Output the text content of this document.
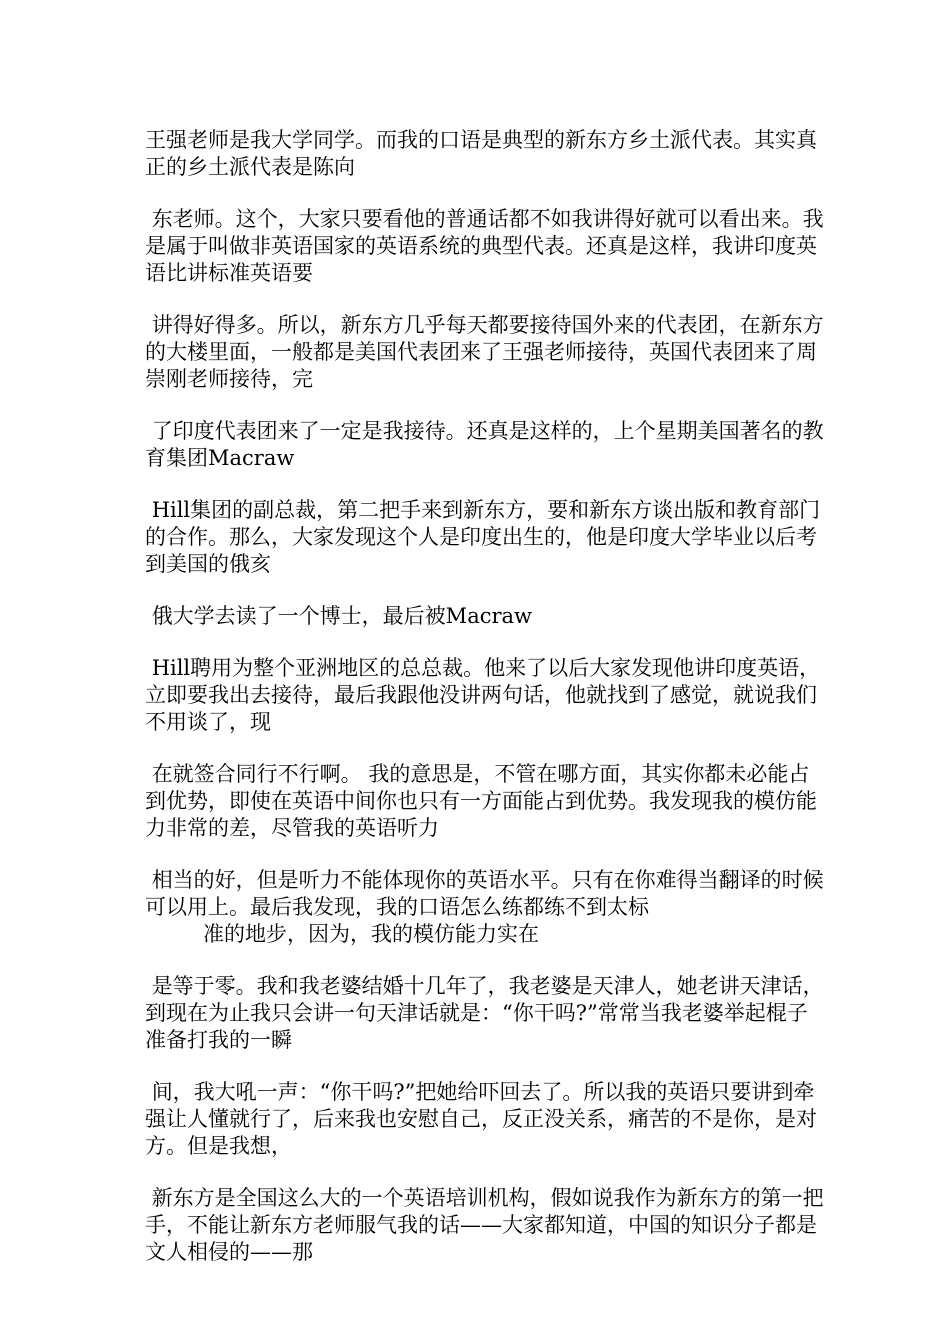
王强老师是我大学同学。而我的口语是典型的新东方乡土派代表。其实真正的乡土派代表是陈向

东老师。这个，大家只要看他的普通话都不如我讲得好就可以看出来。我是属于叫做非英语国家的英语系统的典型代表。还真是这样，我讲印度英语比讲标准英语要

讲得好得多。所以，新东方几乎每天都要接待国外来的代表团，在新东方的大楼里面，一般都是美国代表团来了王强老师接待，英国代表团来了周崇刚老师接待，完

了印度代表团来了一定是我接待。还真是这样的，上个星期美国著名的教育集团Macraw

Hill集团的副总裁，第二把手来到新东方，要和新东方谈出版和教育部门的合作。那么，大家发现这个人是印度出生的，他是印度大学毕业以后考到美国的俄亥

俄大学去读了一个博士，最后被Macraw

Hill聘用为整个亚洲地区的总总裁。他来了以后大家发现他讲印度英语，立即要我出去接待，最后我跟他没讲两句话，他就找到了感觉，就说我们不用谈了，现

在就签合同行不行啊。 我的意思是，不管在哪方面，其实你都未必能占到优势，即使在英语中间你也只有一方面能占到优势。我发现我的模仿能力非常的差，尽管我的英语听力

相当的好，但是听力不能体现你的英语水平。只有在你难得当翻译的时候可以用上。最后我发现，我的口语怎么练都练不到太标

准的地步，因为，我的模仿能力实在

是等于零。我和我老婆结婚十几年了，我老婆是天津人，她老讲天津话，到现在为止我只会讲一句天津话就是：“你干吗?”常常当我老婆举起棍子准备打我的一瞬

间，我大吼一声：“你干吗?”把她给吓回去了。所以我的英语只要讲到牵强让人懂就行了，后来我也安慰自己，反正没关系，痛苦的不是你，是对方。但是我想，

新东方是全国这么大的一个英语培训机构，假如说我作为新东方的第一把手，不能让新东方老师服气我的话——大家都知道，中国的知识分子都是文人相侵的——那
